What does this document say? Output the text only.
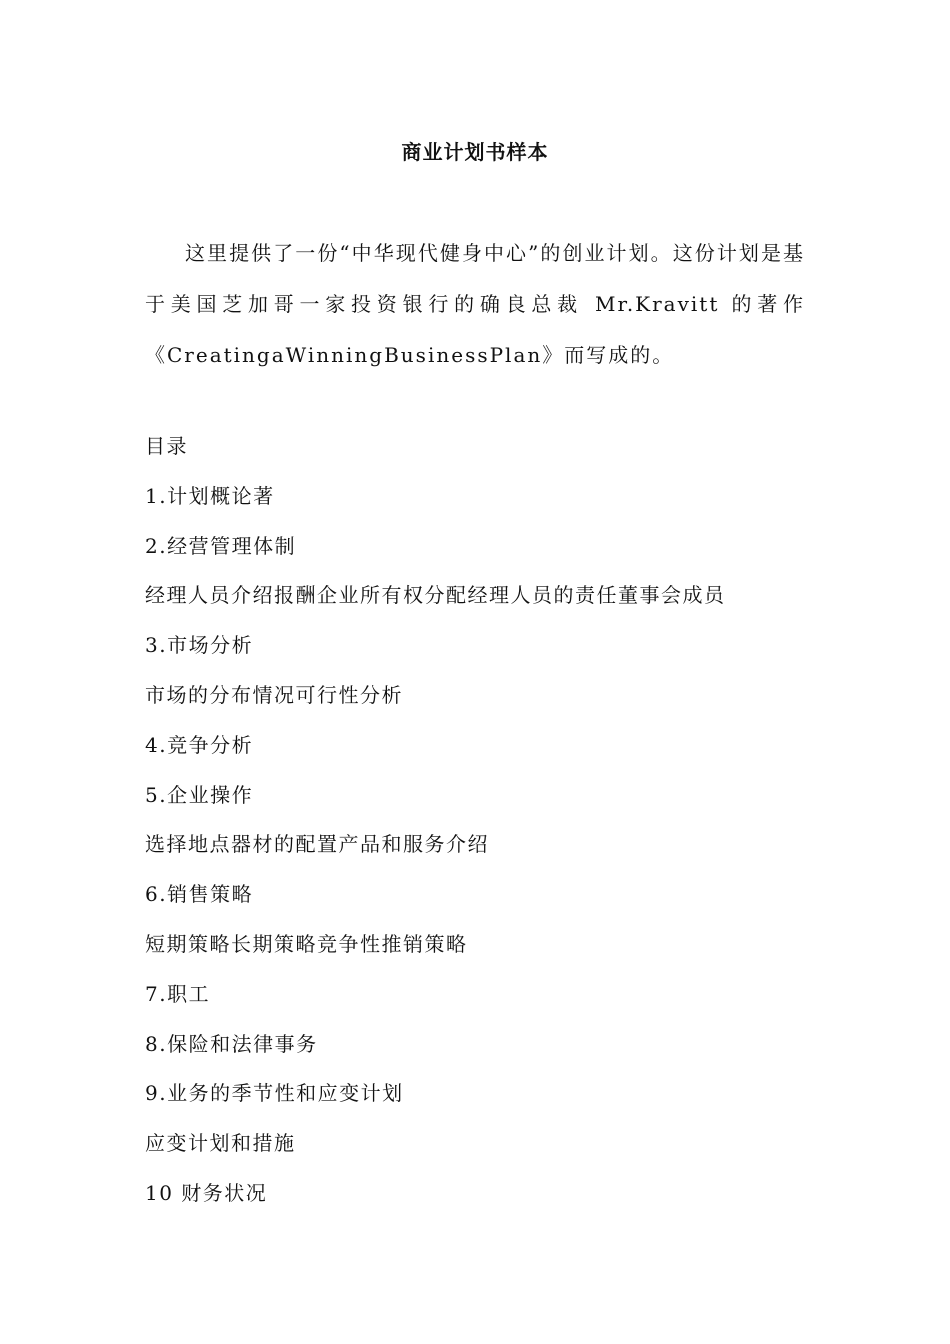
商业计划书样本

这里提供了一份“中华现代健身中心”的创业计划。这份计划是基于美国芝加哥一家投资银行的确良总裁 Mr.Kravitt 的著作《CreatingaWinningBusinessPlan》而写成的。

目录
1.计划概论著
2.经营管理体制
经理人员介绍报酬企业所有权分配经理人员的责任董事会成员
3.市场分析
市场的分布情况可行性分析
4.竞争分析
5.企业操作
选择地点器材的配置产品和服务介绍
6.销售策略
短期策略长期策略竞争性推销策略
7.职工
8.保险和法律事务
9.业务的季节性和应变计划
应变计划和措施
10 财务状况
